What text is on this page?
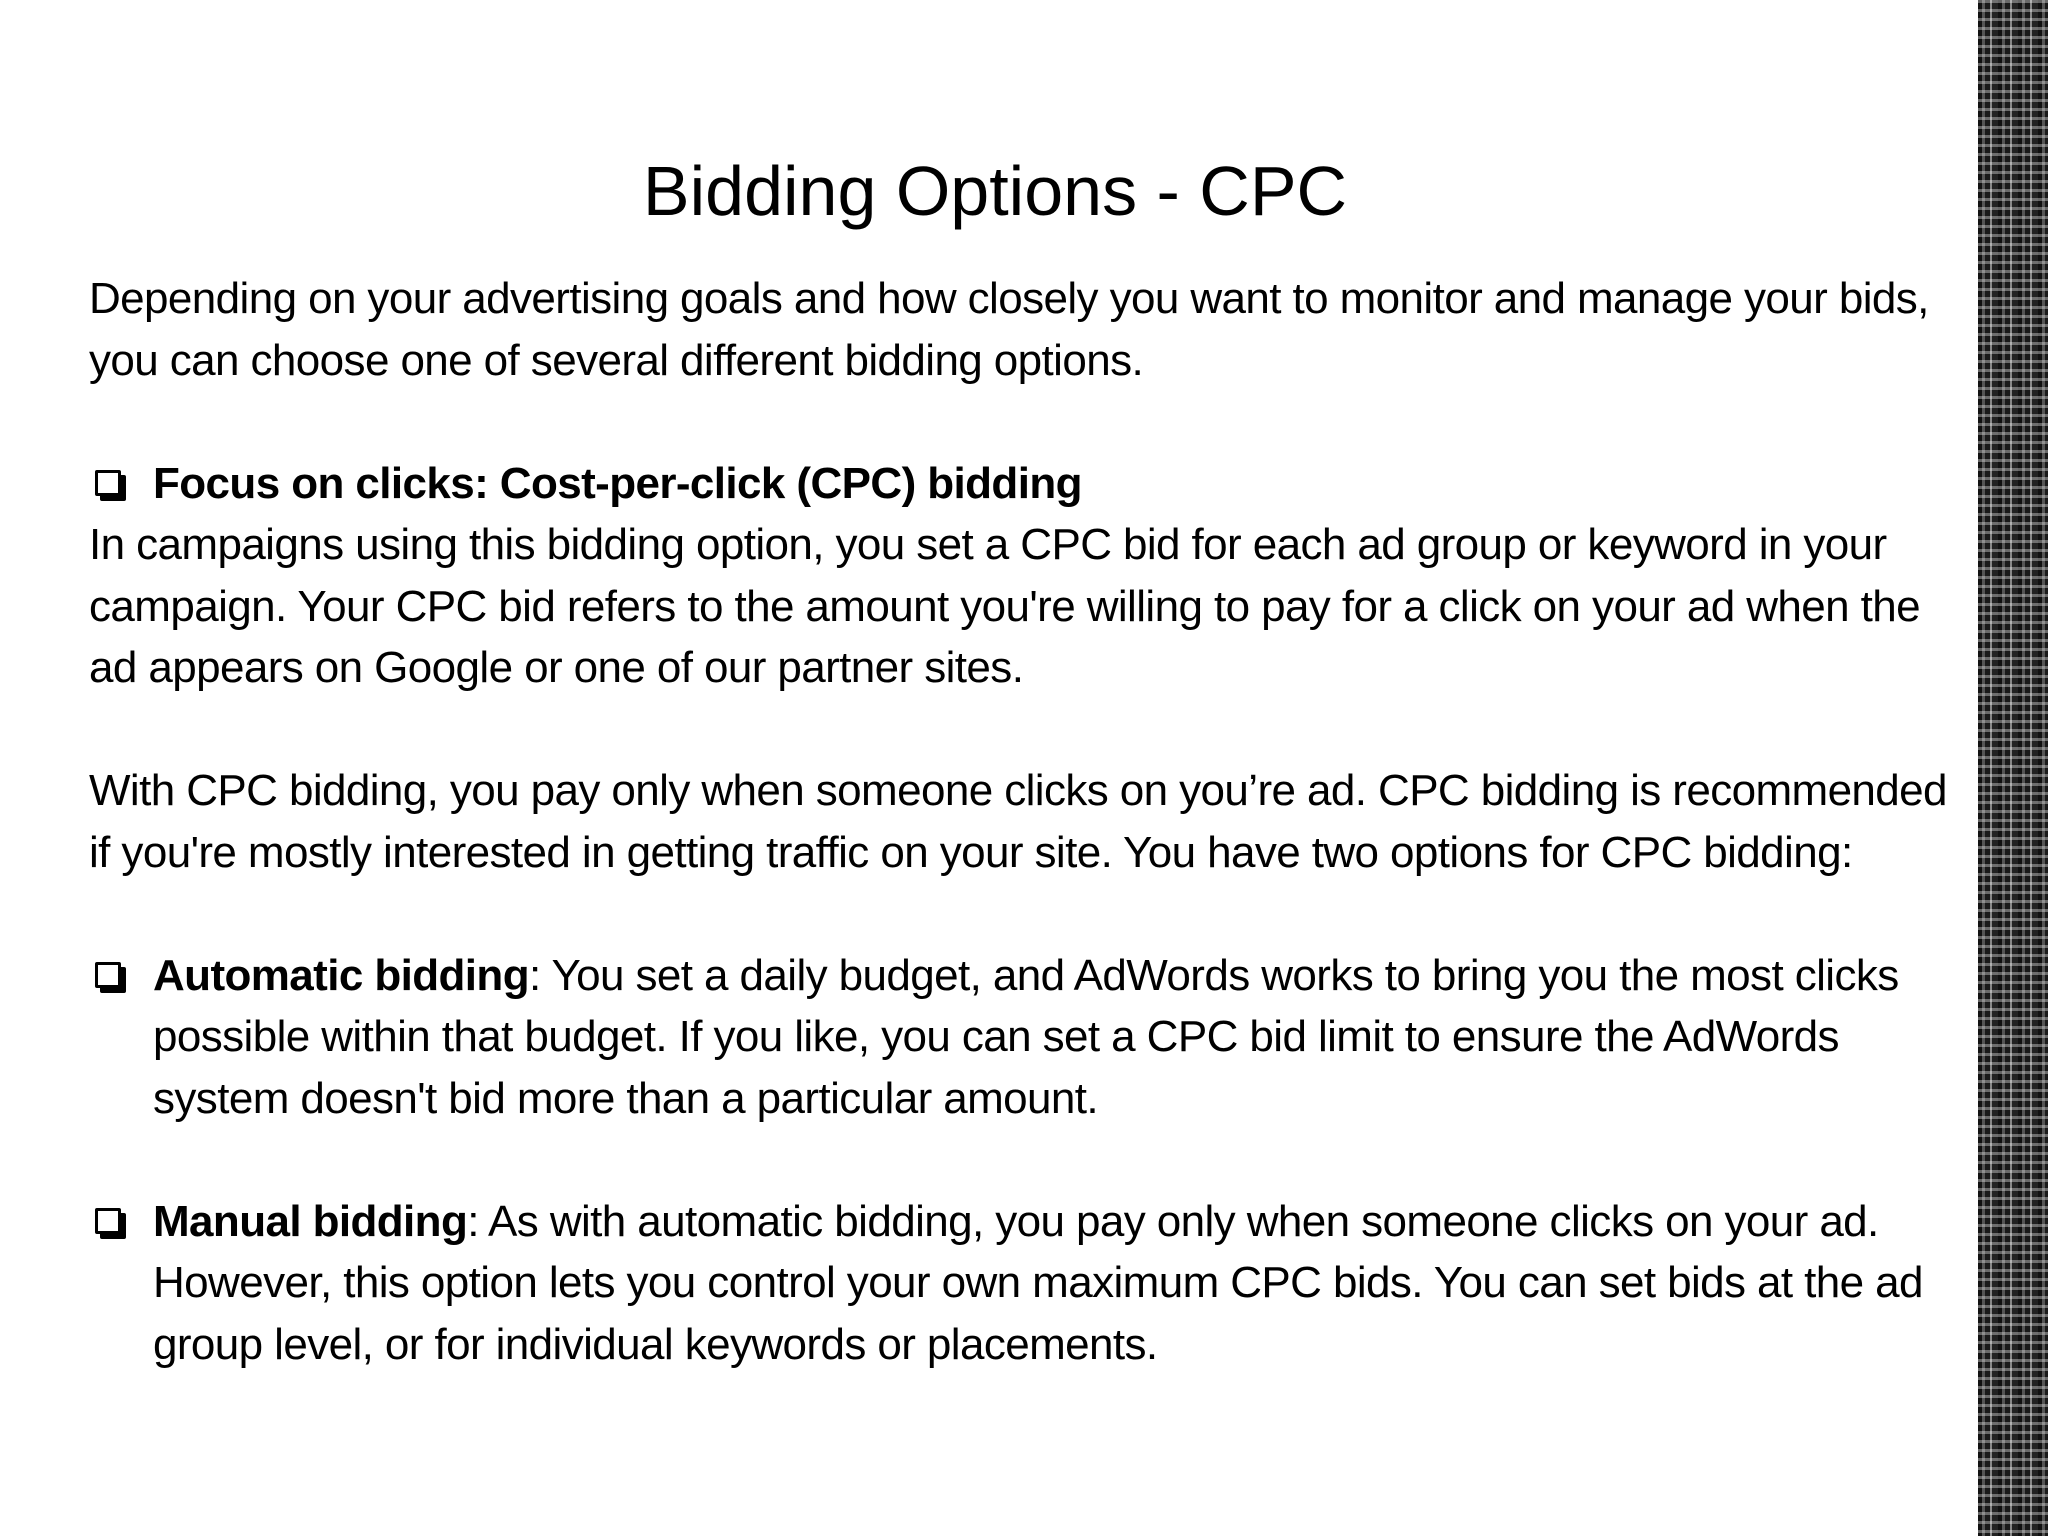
Bidding Options - CPC

Depending on your advertising goals and how closely you want to monitor and manage your bids, you can choose one of several different bidding options.

Focus on clicks: Cost-per-click (CPC) bidding

In campaigns using this bidding option, you set a CPC bid for each ad group or keyword in your campaign. Your CPC bid refers to the amount you're willing to pay for a click on your ad when the ad appears on Google or one of our partner sites.

With CPC bidding, you pay only when someone clicks on you’re ad. CPC bidding is recommended if you're mostly interested in getting traffic on your site. You have two options for CPC bidding:

Automatic bidding: You set a daily budget, and AdWords works to bring you the most clicks possible within that budget. If you like, you can set a CPC bid limit to ensure the AdWords system doesn't bid more than a particular amount.

Manual bidding: As with automatic bidding, you pay only when someone clicks on your ad. However, this option lets you control your own maximum CPC bids. You can set bids at the ad group level, or for individual keywords or placements.
